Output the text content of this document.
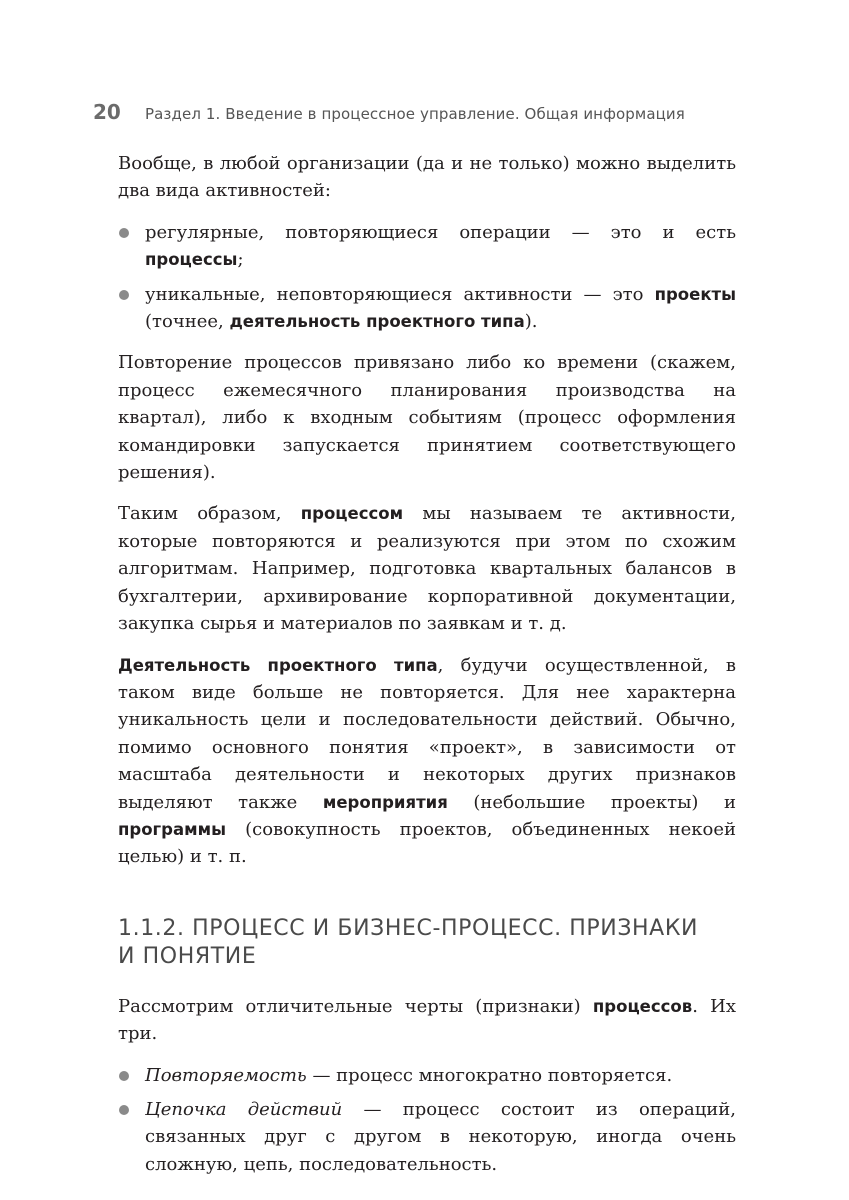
20 Раздел 1. Введение в процессное управление. Общая информация

Вообще, в любой организации (да и не только) можно выделить два вида активностей:

регулярные, повторяющиеся операции — это и есть процессы;
уникальные, неповторяющиеся активности — это проекты (точнее, деятельность проектного типа).

Повторение процессов привязано либо ко времени (скажем, процесс ежемесячного планирования производства на квартал), либо к входным событиям (процесс оформления командировки запускается принятием соответствующего решения).

Таким образом, процессом мы называем те активности, которые повторяются и реализуются при этом по схожим алгоритмам. Например, подготовка квартальных балансов в бухгалтерии, архивирование корпоративной документации, закупка сырья и материалов по заявкам и т. д.

Деятельность проектного типа, будучи осуществленной, в таком виде больше не повторяется. Для нее характерна уникальность цели и последовательности действий. Обычно, помимо основного понятия «проект», в зависимости от масштаба деятельности и некоторых других признаков выделяют также мероприятия (небольшие проекты) и программы (совокупность проектов, объединенных некоей целью) и т. п.

1.1.2. ПРОЦЕСС И БИЗНЕС-ПРОЦЕСС. ПРИЗНАКИ
И ПОНЯТИЕ

Рассмотрим отличительные черты (признаки) процессов. Их три.

Повторяемость — процесс многократно повторяется.
Цепочка действий — процесс состоит из операций, связанных друг с другом в некоторую, иногда очень сложную, цепь, последовательность.
